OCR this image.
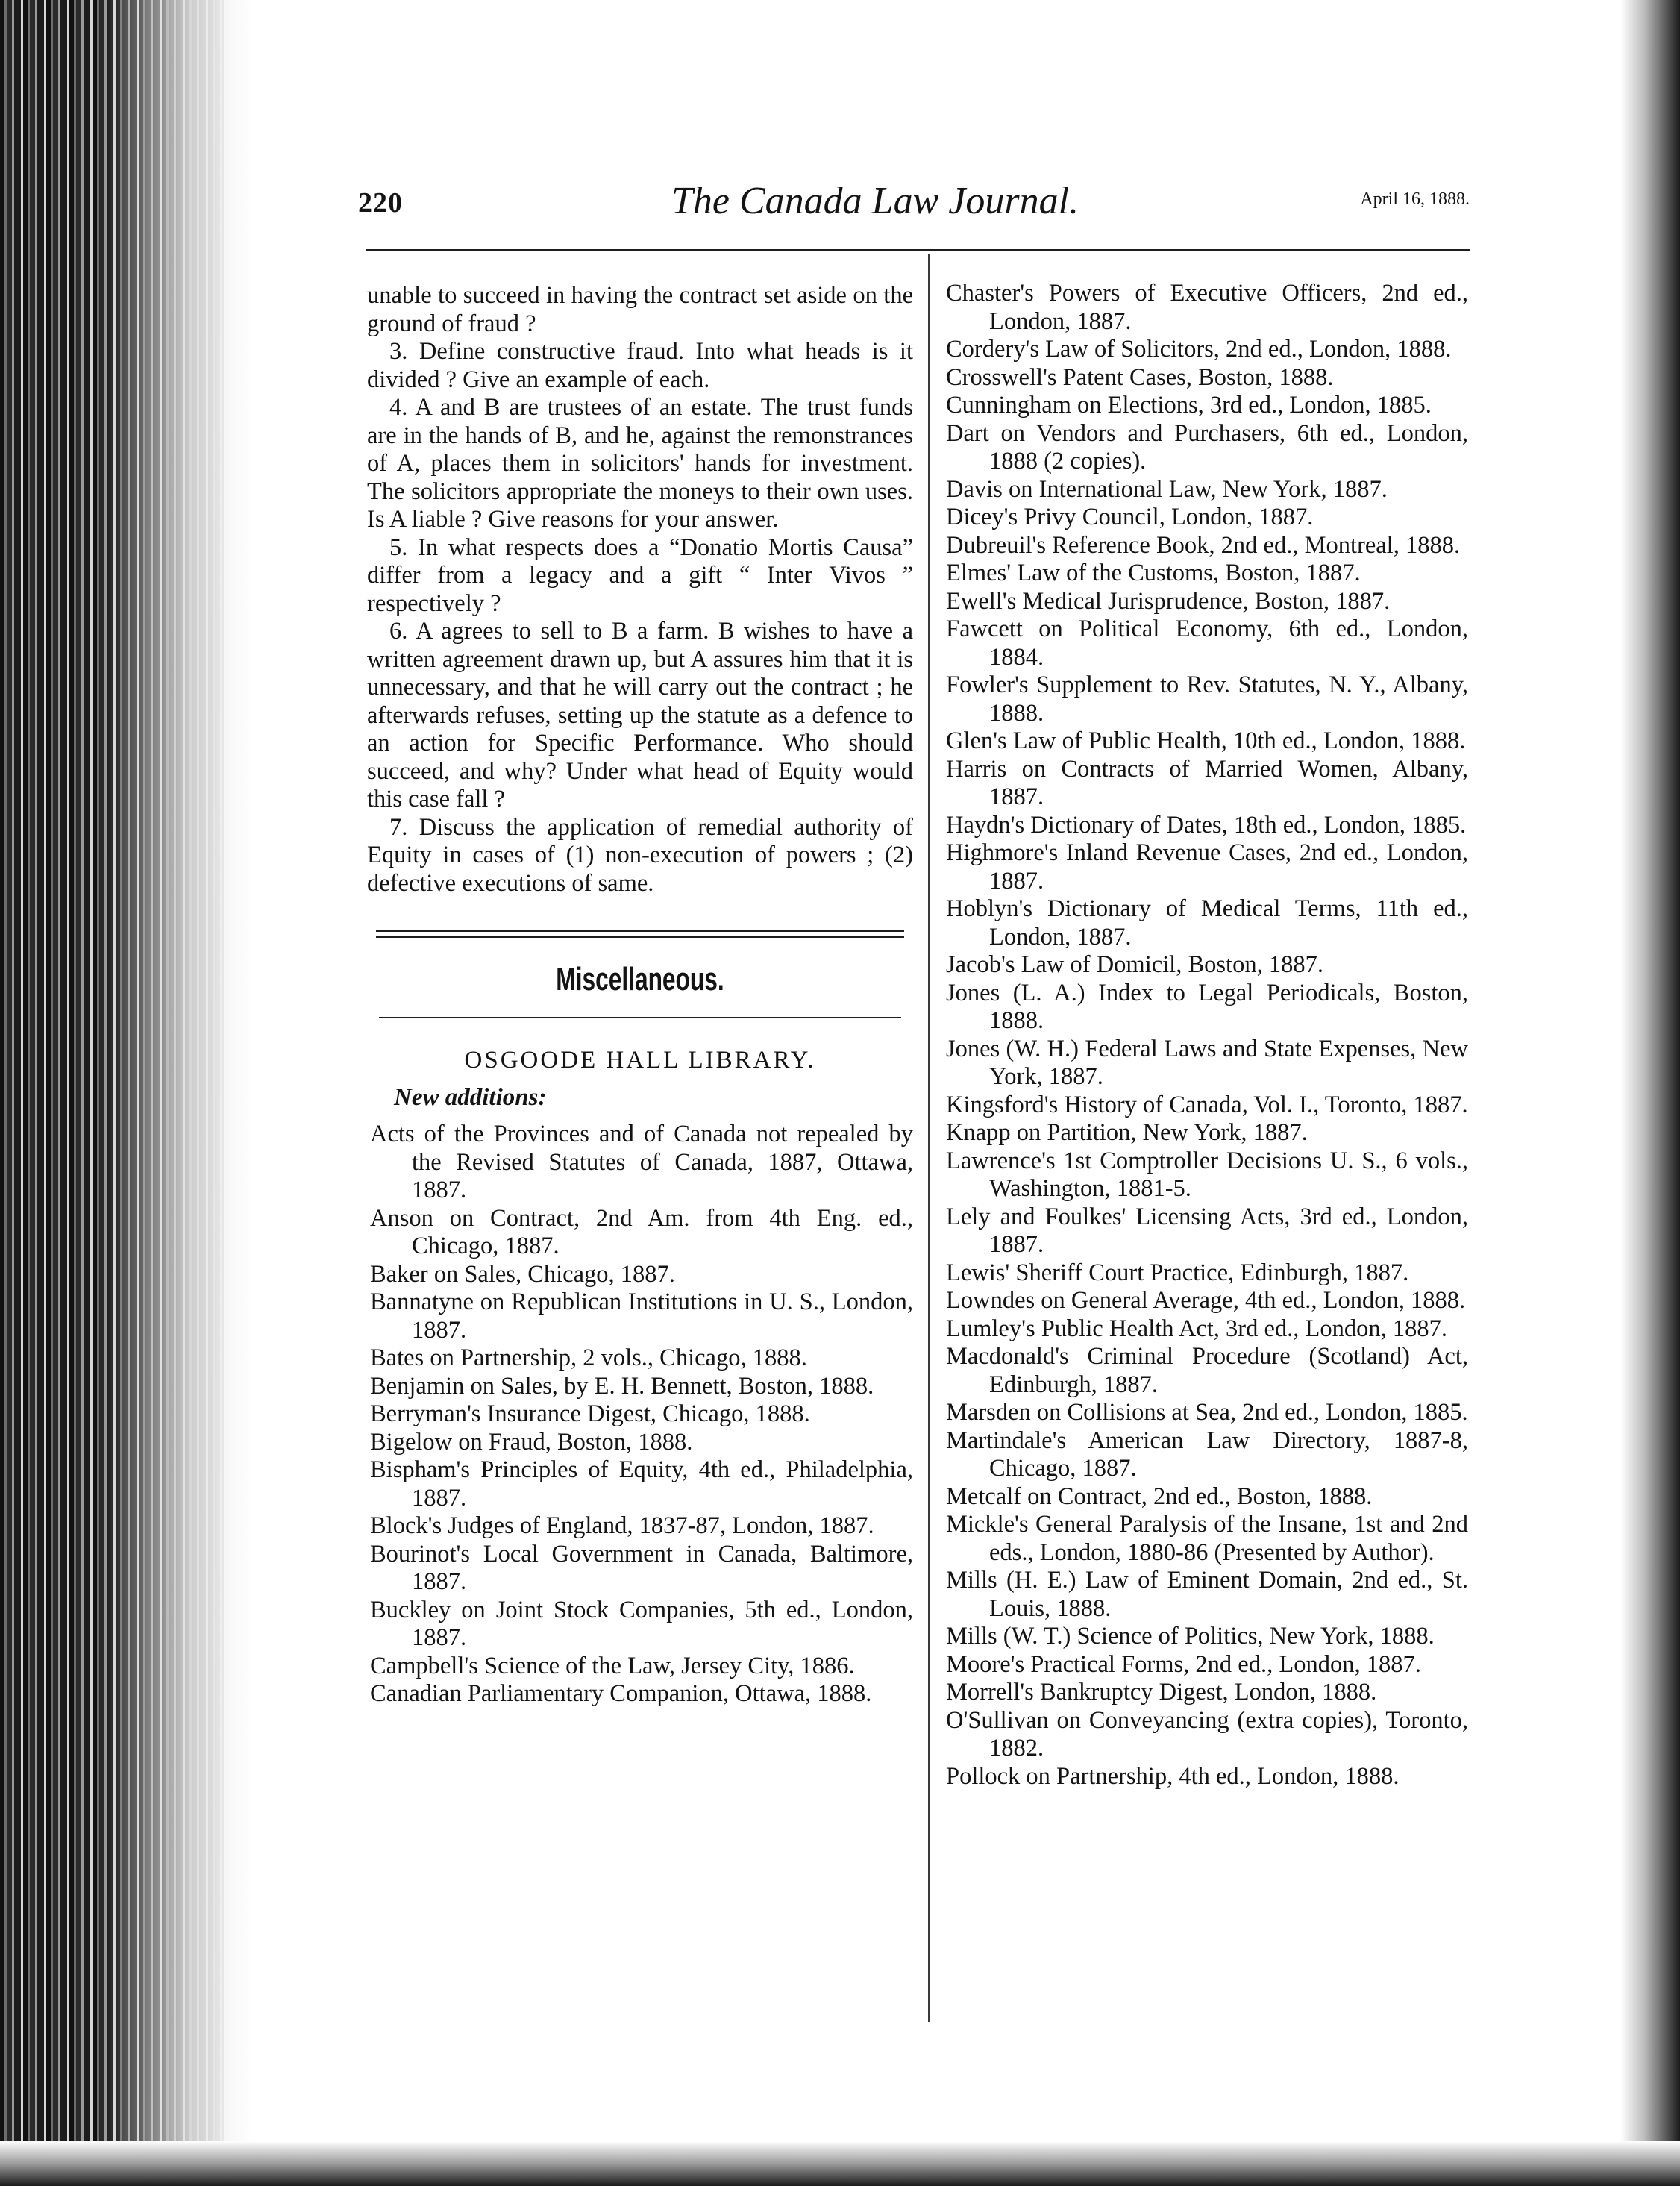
220	The Canada Law Journal.	April 16, 1888.

unable to succeed in having the contract set aside on the ground of fraud ?

3. Define constructive fraud. Into what heads is it divided ? Give an example of each.

4. A and B are trustees of an estate. The trust funds are in the hands of B, and he, against the remonstrances of A, places them in solicitors' hands for investment. The solicitors appropriate the moneys to their own uses. Is A liable ? Give reasons for your answer.

5. In what respects does a “Donatio Mortis Causa” differ from a legacy and a gift “ Inter Vivos ” respectively ?

6. A agrees to sell to B a farm. B wishes to have a written agreement drawn up, but A assures him that it is unnecessary, and that he will carry out the contract ; he afterwards refuses, setting up the statute as a defence to an action for Specific Performance. Who should succeed, and why? Under what head of Equity would this case fall ?

7. Discuss the application of remedial authority of Equity in cases of (1) non-execution of powers ; (2) defective executions of same.

Miscellaneous.
OSGOODE HALL LIBRARY.
New additions:
Acts of the Provinces and of Canada not repealed by the Revised Statutes of Canada, 1887, Ottawa, 1887.
Anson on Contract, 2nd Am. from 4th Eng. ed., Chicago, 1887.
Baker on Sales, Chicago, 1887.
Bannatyne on Republican Institutions in U. S., London, 1887.
Bates on Partnership, 2 vols., Chicago, 1888.
Benjamin on Sales, by E. H. Bennett, Boston, 1888.
Berryman's Insurance Digest, Chicago, 1888.
Bigelow on Fraud, Boston, 1888.
Bispham's Principles of Equity, 4th ed., Philadelphia, 1887.
Block's Judges of England, 1837-87, London, 1887.
Bourinot's Local Government in Canada, Baltimore, 1887.
Buckley on Joint Stock Companies, 5th ed., London, 1887.
Campbell's Science of the Law, Jersey City, 1886.
Canadian Parliamentary Companion, Ottawa, 1888.
Chaster's Powers of Executive Officers, 2nd ed., London, 1887.
Cordery's Law of Solicitors, 2nd ed., London, 1888.
Crosswell's Patent Cases, Boston, 1888.
Cunningham on Elections, 3rd ed., London, 1885.
Dart on Vendors and Purchasers, 6th ed., London, 1888 (2 copies).
Davis on International Law, New York, 1887.
Dicey's Privy Council, London, 1887.
Dubreuil's Reference Book, 2nd ed., Montreal, 1888.
Elmes' Law of the Customs, Boston, 1887.
Ewell's Medical Jurisprudence, Boston, 1887.
Fawcett on Political Economy, 6th ed., London, 1884.
Fowler's Supplement to Rev. Statutes, N. Y., Albany, 1888.
Glen's Law of Public Health, 10th ed., London, 1888.
Harris on Contracts of Married Women, Albany, 1887.
Haydn's Dictionary of Dates, 18th ed., London, 1885.
Highmore's Inland Revenue Cases, 2nd ed., London, 1887.
Hoblyn's Dictionary of Medical Terms, 11th ed., London, 1887.
Jacob's Law of Domicil, Boston, 1887.
Jones (L. A.) Index to Legal Periodicals, Boston, 1888.
Jones (W. H.) Federal Laws and State Expenses, New York, 1887.
Kingsford's History of Canada, Vol. I., Toronto, 1887.
Knapp on Partition, New York, 1887.
Lawrence's 1st Comptroller Decisions U. S., 6 vols., Washington, 1881-5.
Lely and Foulkes' Licensing Acts, 3rd ed., London, 1887.
Lewis' Sheriff Court Practice, Edinburgh, 1887.
Lowndes on General Average, 4th ed., London, 1888.
Lumley's Public Health Act, 3rd ed., London, 1887.
Macdonald's Criminal Procedure (Scotland) Act, Edinburgh, 1887.
Marsden on Collisions at Sea, 2nd ed., London, 1885.
Martindale's American Law Directory, 1887-8, Chicago, 1887.
Metcalf on Contract, 2nd ed., Boston, 1888.
Mickle's General Paralysis of the Insane, 1st and 2nd eds., London, 1880-86 (Presented by Author).
Mills (H. E.) Law of Eminent Domain, 2nd ed., St. Louis, 1888.
Mills (W. T.) Science of Politics, New York, 1888.
Moore's Practical Forms, 2nd ed., London, 1887.
Morrell's Bankruptcy Digest, London, 1888.
O'Sullivan on Conveyancing (extra copies), Toronto, 1882.
Pollock on Partnership, 4th ed., London, 1888.
